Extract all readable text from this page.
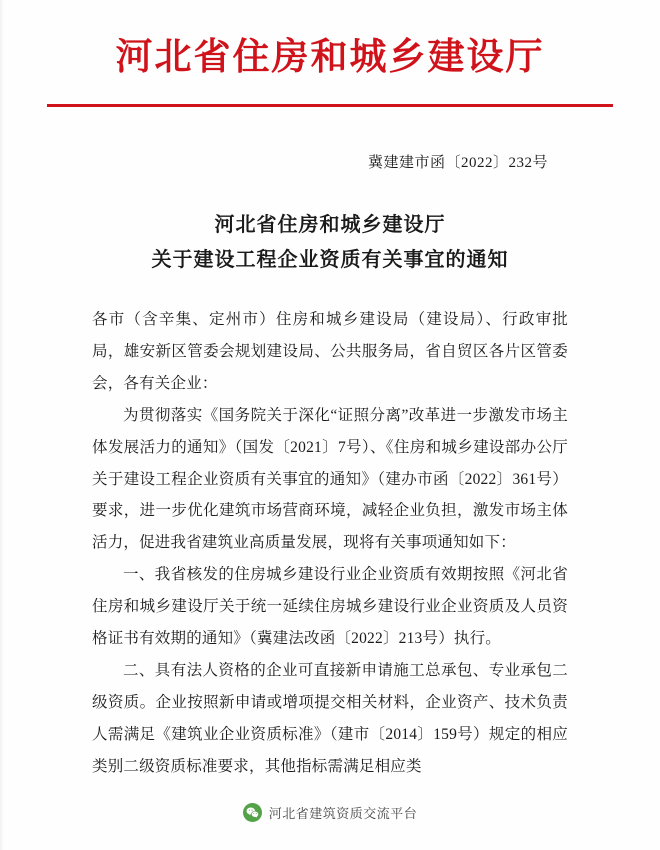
河北省住房和城乡建设厅
冀建建市函〔2022〕232号
河北省住房和城乡建设厅
关于建设工程企业资质有关事宜的通知

各市（含辛集、定州市）住房和城乡建设局（建设局）、行政审批局，雄安新区管委会规划建设局、公共服务局，省自贸区各片区管委会，各有关企业：

为贯彻落实《国务院关于深化“证照分离”改革进一步激发市场主体发展活力的通知》（国发〔2021〕7号）、《住房和城乡建设部办公厅关于建设工程企业资质有关事宜的通知》（建办市函〔2022〕361号）要求，进一步优化建筑市场营商环境，减轻企业负担，激发市场主体活力，促进我省建筑业高质量发展，现将有关事项通知如下：

一、我省核发的住房城乡建设行业企业资质有效期按照《河北省住房和城乡建设厅关于统一延续住房城乡建设行业企业资质及人员资格证书有效期的通知》（冀建法改函〔2022〕213号）执行。

二、具有法人资格的企业可直接新申请施工总承包、专业承包二级资质。企业按照新申请或增项提交相关材料，企业资产、技术负责人需满足《建筑业企业资质标准》（建市〔2014〕159号）规定的相应类别二级资质标准要求，其他指标需满足相应类

河北省建筑资质交流平台
